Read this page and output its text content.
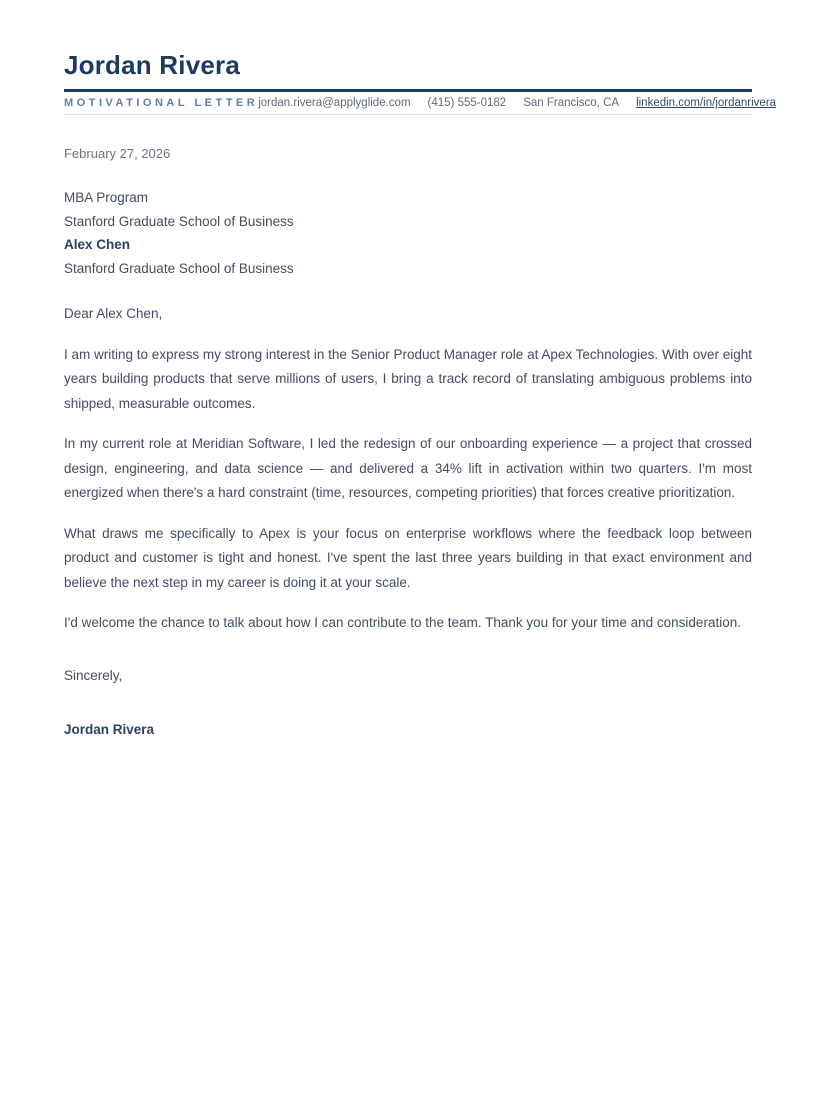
Jordan Rivera
MOTIVATIONAL LETTER jordan.rivera@applyglide.com (415) 555-0182 San Francisco, CA linkedin.com/in/jordanrivera

February 27, 2026

MBA Program

Stanford Graduate School of Business

Alex Chen

Stanford Graduate School of Business

Dear Alex Chen,

I am writing to express my strong interest in the Senior Product Manager role at Apex Technologies. With over eight years building products that serve millions of users, I bring a track record of translating ambiguous problems into shipped, measurable outcomes.

In my current role at Meridian Software, I led the redesign of our onboarding experience — a project that crossed design, engineering, and data science — and delivered a 34% lift in activation within two quarters. I'm most energized when there's a hard constraint (time, resources, competing priorities) that forces creative prioritization.

What draws me specifically to Apex is your focus on enterprise workflows where the feedback loop between product and customer is tight and honest. I've spent the last three years building in that exact environment and believe the next step in my career is doing it at your scale.

I'd welcome the chance to talk about how I can contribute to the team. Thank you for your time and consideration.

Sincerely,

Jordan Rivera
